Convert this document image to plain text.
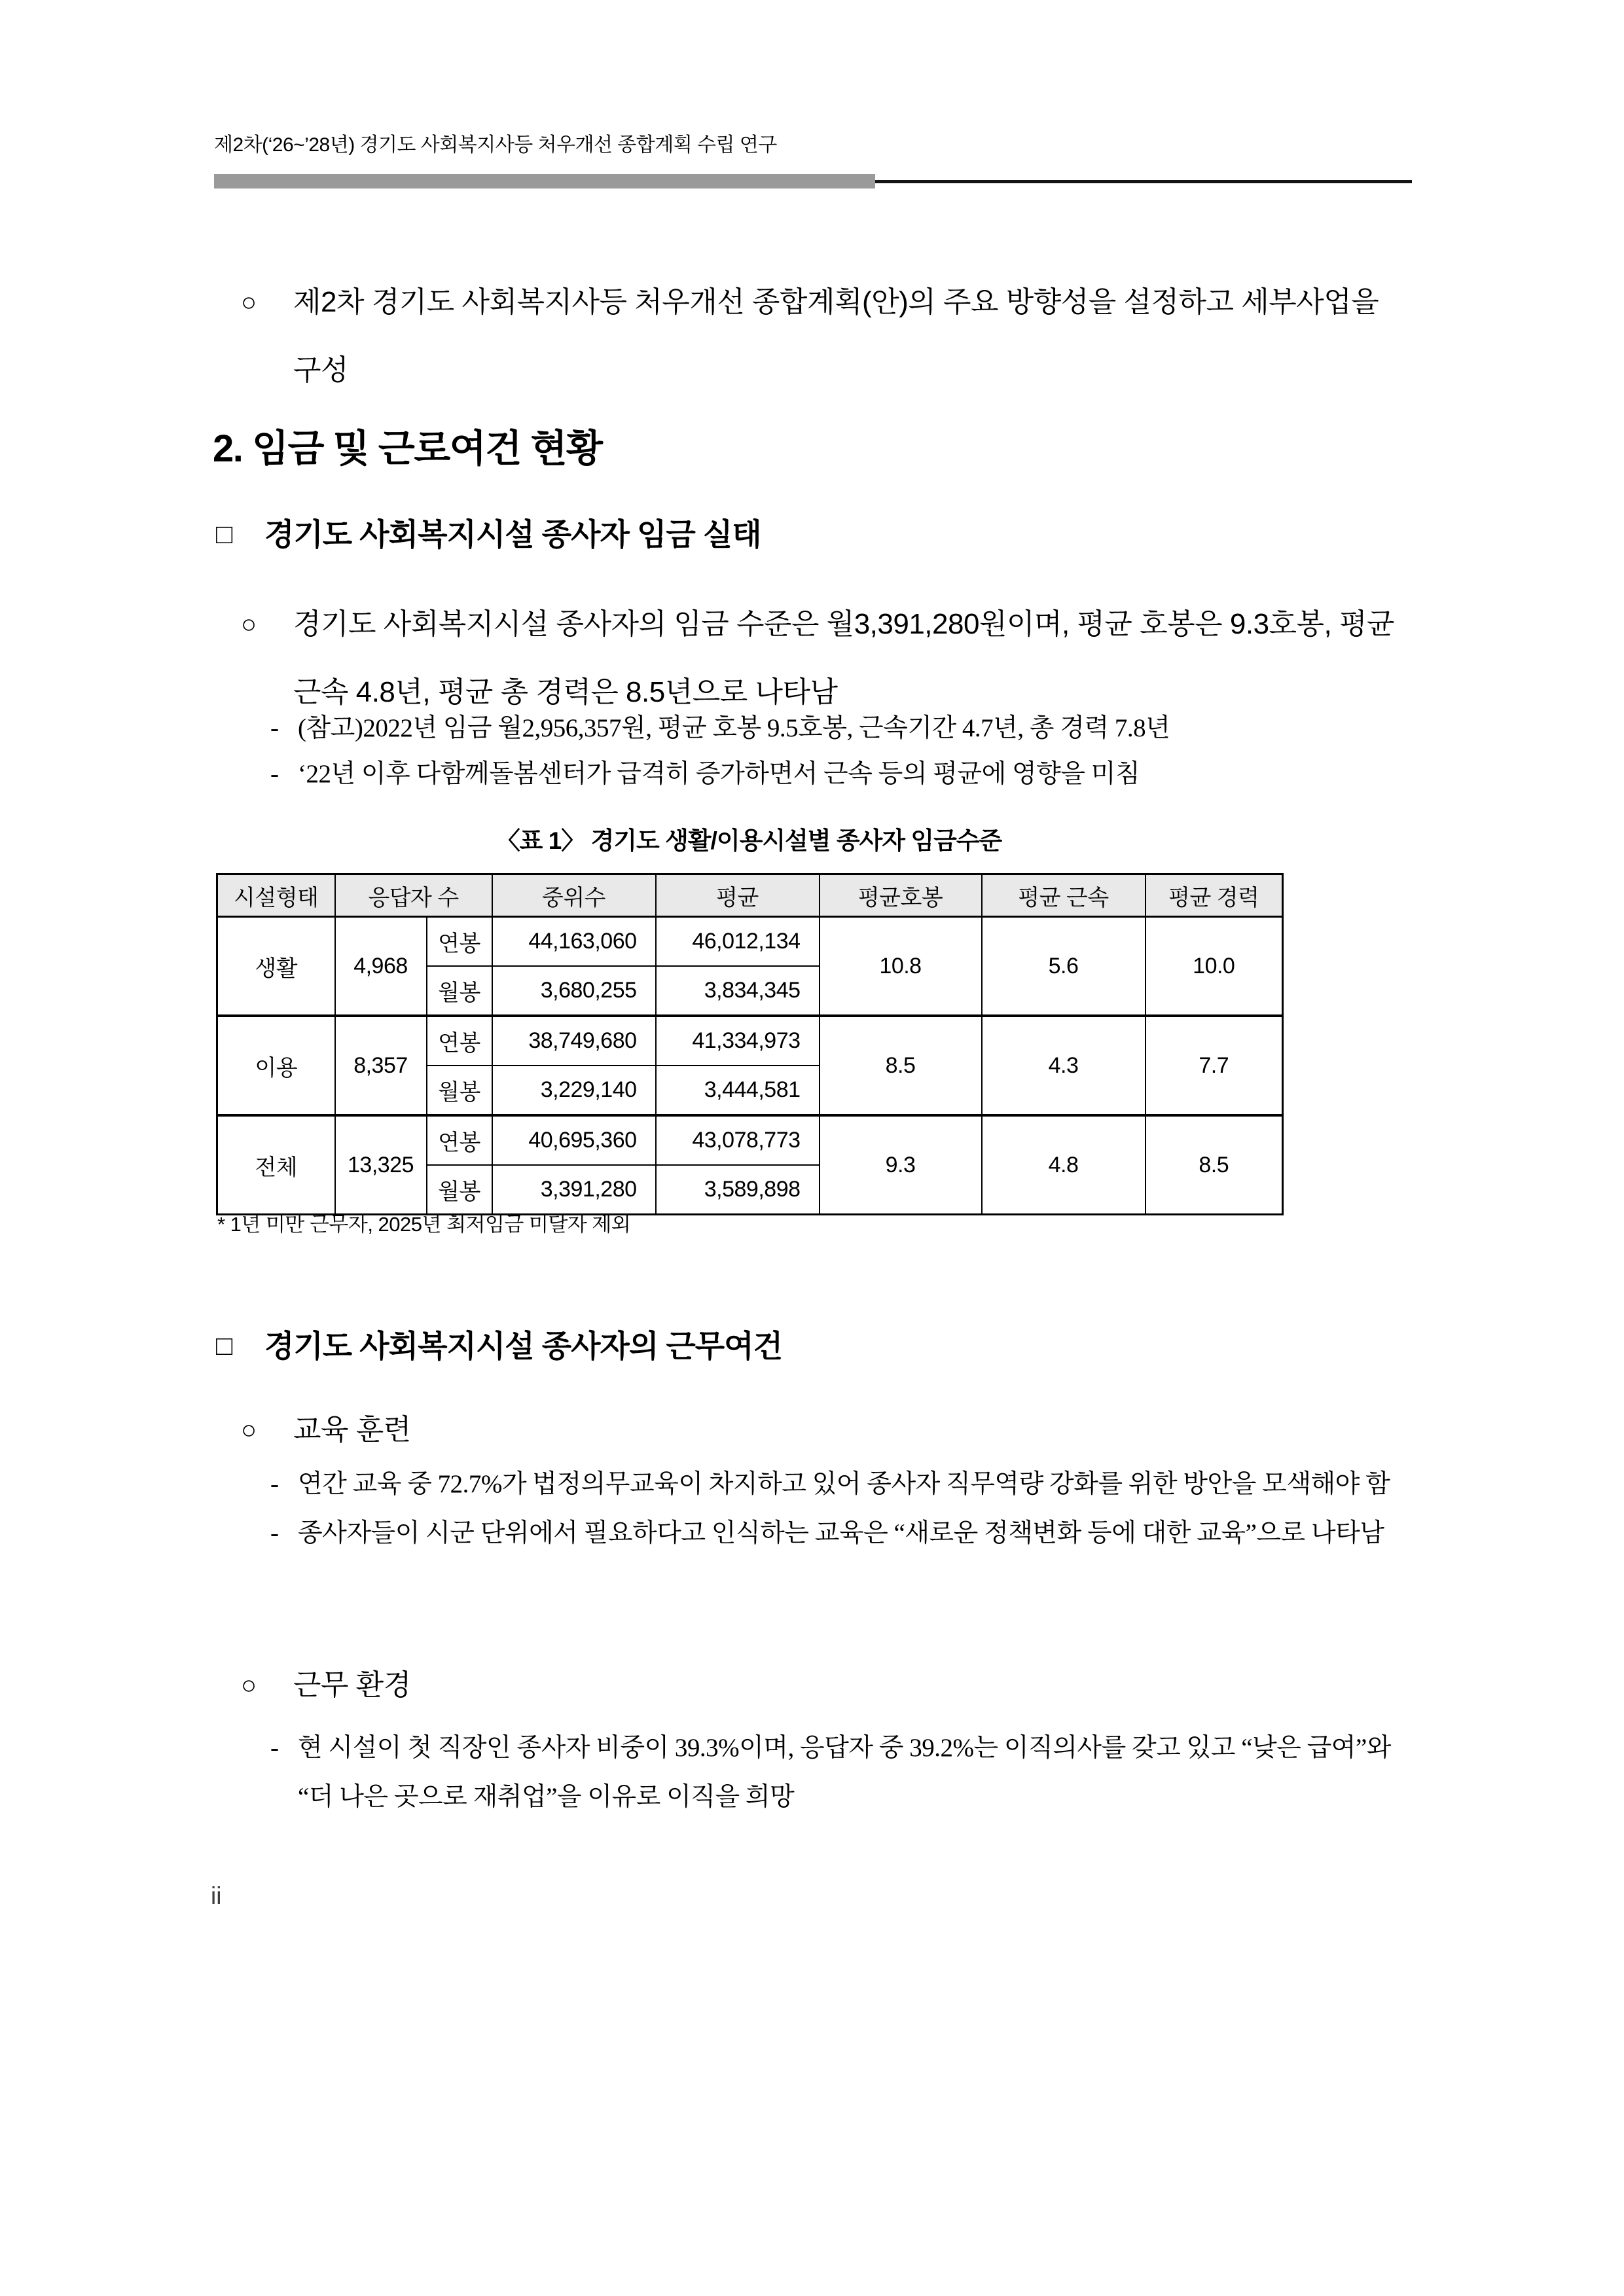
제2차(‘26~’28년) 경기도 사회복지사등 처우개선 종합계획 수립 연구
○	제2차 경기도 사회복지사등 처우개선 종합계획(안)의 주요 방향성을 설정하고 세부사업을 구성
2. 임금 및 근로여건 현황
□	경기도 사회복지시설 종사자 임금 실태
○	경기도 사회복지시설 종사자의 임금 수준은 월3,391,280원이며, 평균 호봉은 9.3호봉, 평균 근속 4.8년, 평균 총 경력은 8.5년으로 나타남
- (참고)2022년 임금 월2,956,357원, 평균 호봉 9.5호봉, 근속기간 4.7년, 총 경력 7.8년
- ‘22년 이후 다함께돌봄센터가 급격히 증가하면서 근속 등의 평균에 영향을 미침
〈표 1〉 경기도 생활/이용시설별 종사자 임금수준
시설형태	응답자 수		중위수	평균	평균호봉	평균 근속	평균 경력
생활	4,968	연봉	44,163,060	46,012,134	10.8	5.6	10.0
		월봉	3,680,255	3,834,345			
이용	8,357	연봉	38,749,680	41,334,973	8.5	4.3	7.7
		월봉	3,229,140	3,444,581			
전체	13,325	연봉	40,695,360	43,078,773	9.3	4.8	8.5
		월봉	3,391,280	3,589,898			
* 1년 미만 근무자, 2025년 최저임금 미달자 제외
□	경기도 사회복지시설 종사자의 근무여건
○	교육 훈련
- 연간 교육 중 72.7%가 법정의무교육이 차지하고 있어 종사자 직무역량 강화를 위한 방안을 모색해야 함
- 종사자들이 시군 단위에서 필요하다고 인식하는 교육은 “새로운 정책변화 등에 대한 교육”으로 나타남
○	근무 환경
- 현 시설이 첫 직장인 종사자 비중이 39.3%이며, 응답자 중 39.2%는 이직의사를 갖고 있고 “낮은 급여”와 “더 나은 곳으로 재취업”을 이유로 이직을 희망
ii
